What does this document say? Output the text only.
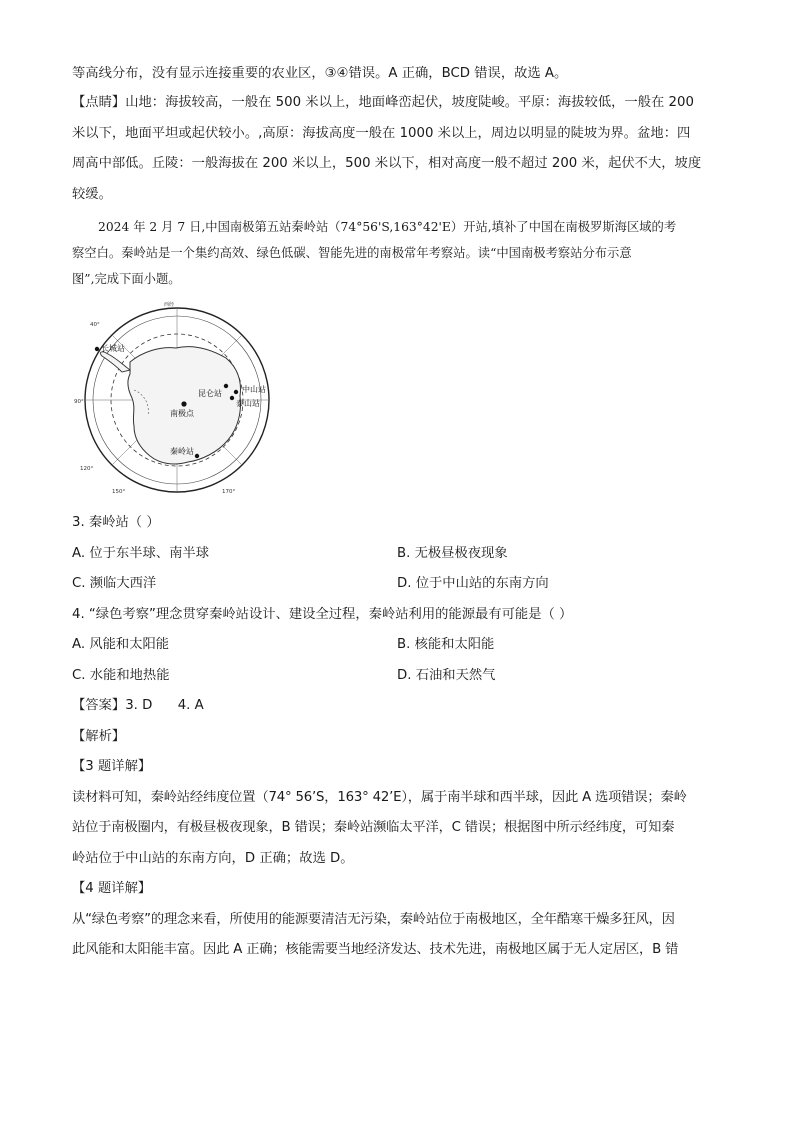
等高线分布，没有显示连接重要的农业区，③④错误。A 正确，BCD 错误，故选 A。

【点睛】山地：海拔较高，一般在 500 米以上，地面峰峦起伏，坡度陡峻。平原：海拔较低，一般在 200

米以下，地面平坦或起伏较小。,高原：海拔高度一般在 1000 米以上，周边以明显的陡坡为界。盆地：四

周高中部低。丘陵：一般海拔在 200 米以上，500 米以下，相对高度一般不超过 200 米，起伏不大，坡度

较缓。

2024 年 2 月 7 日,中国南极第五站秦岭站（74°56'S,163°42'E）开站,填补了中国在南极罗斯海区域的考

察空白。秦岭站是一个集约高效、绿色低碳、智能先进的南极常年考察站。读“中国南极考察站分布示意

图”,完成下面小题。

西经
40°
90°
120°
150°	170°
长城站
昆仑站	中山站
泰山站
南极点
秦岭站

3. 秦岭站（ ）

A. 位于东半球、南半球	B. 无极昼极夜现象
C. 濒临大西洋	D. 位于中山站的东南方向

4. “绿色考察”理念贯穿秦岭站设计、建设全过程，秦岭站利用的能源最有可能是（ ）

A. 风能和太阳能	B. 核能和太阳能
C. 水能和地热能	D. 石油和天然气

【答案】3. D      4. A

【解析】

【3 题详解】

读材料可知，秦岭站经纬度位置（74° 56’S，163° 42’E），属于南半球和西半球，因此 A 选项错误；秦岭

站位于南极圈内，有极昼极夜现象，B 错误；秦岭站濒临太平洋，C 错误；根据图中所示经纬度，可知秦

岭站位于中山站的东南方向，D 正确；故选 D。

【4 题详解】

从“绿色考察”的理念来看，所使用的能源要清洁无污染，秦岭站位于南极地区，全年酷寒干燥多狂风，因

此风能和太阳能丰富。因此 A 正确；核能需要当地经济发达、技术先进，南极地区属于无人定居区，B 错
